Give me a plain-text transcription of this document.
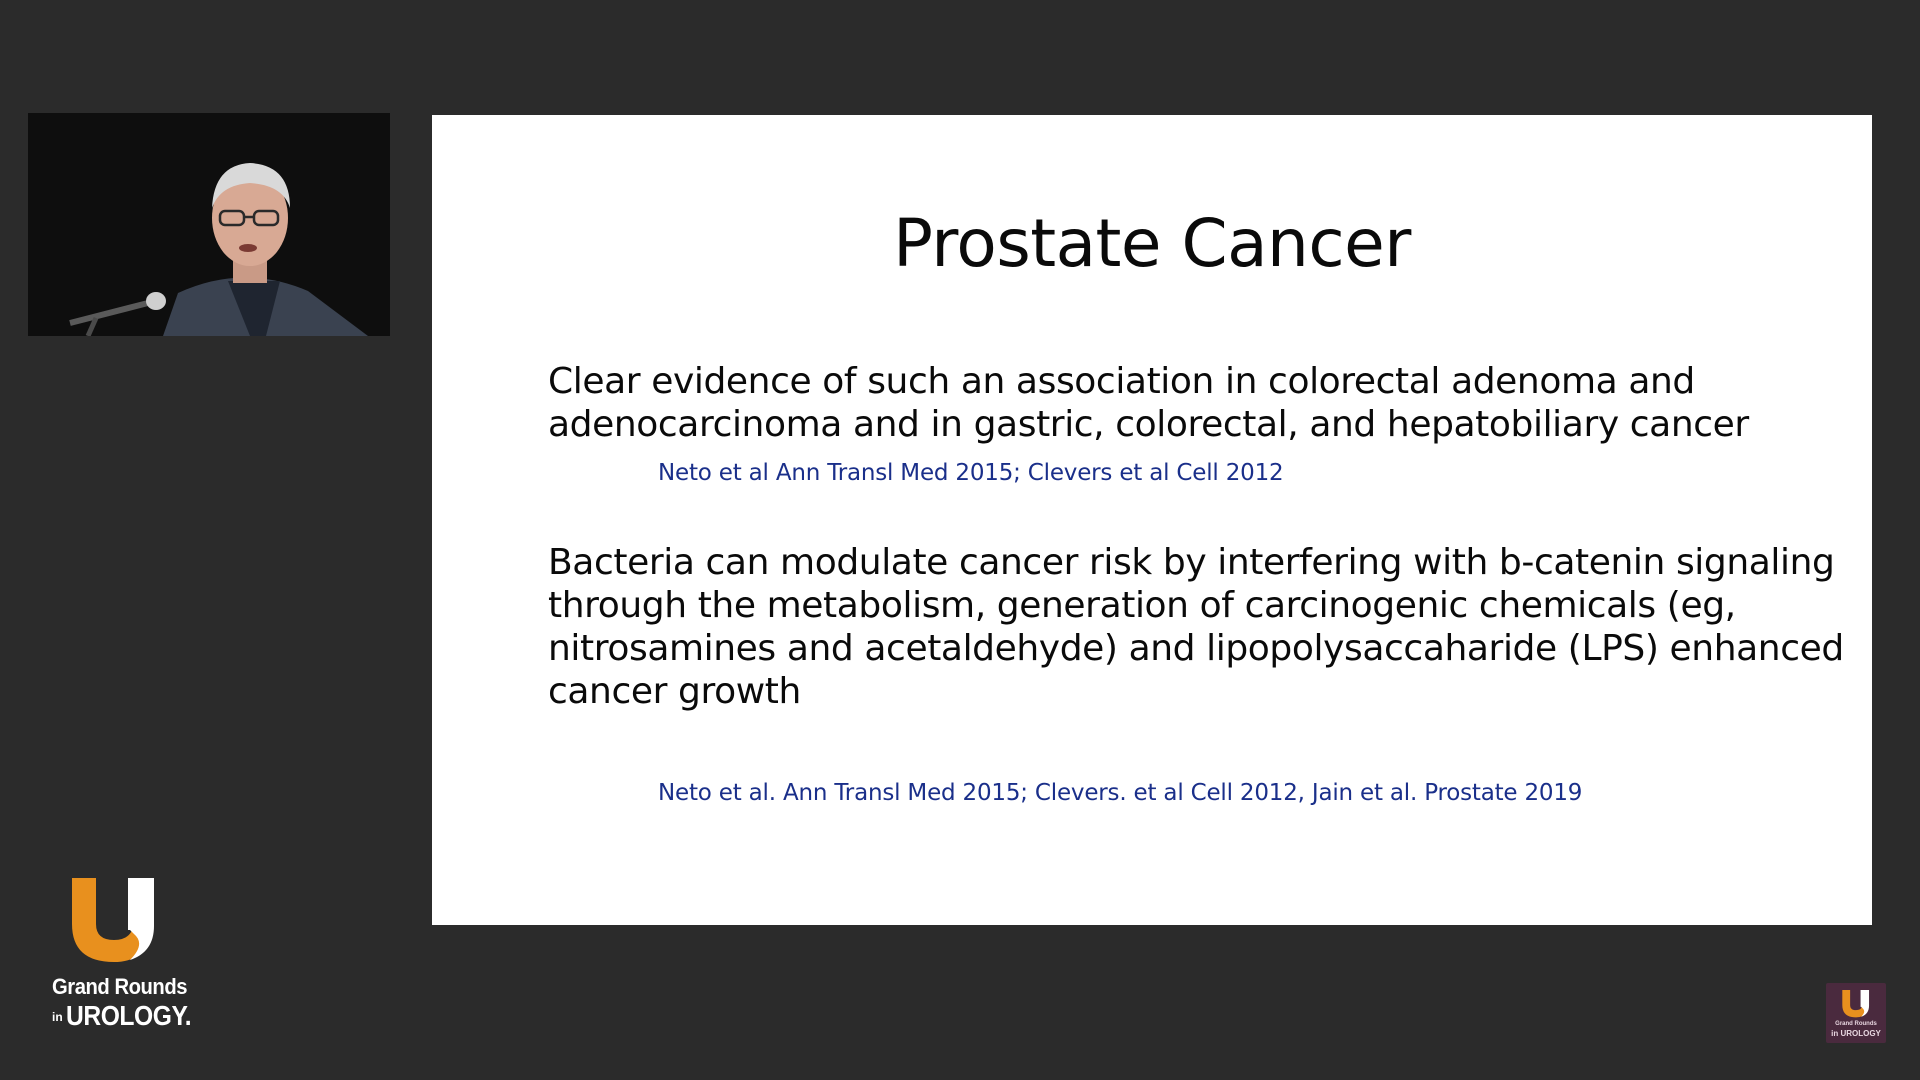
Prostate Cancer
Clear evidence of such an association in colorectal adenoma and adenocarcinoma and in gastric, colorectal, and hepatobiliary cancer
Neto et al Ann Transl Med 2015; Clevers et al Cell 2012
Bacteria can modulate cancer risk by interfering with b-catenin signaling through the metabolism, generation of carcinogenic chemicals (eg, nitrosamines and acetaldehyde) and lipopolysaccaharide (LPS) enhanced cancer growth
Neto et al. Ann Transl Med 2015; Clevers. et al Cell 2012, Jain et al. Prostate 2019
Grand Rounds
in UROLOGY.	Grand Rounds
in UROLOGY
